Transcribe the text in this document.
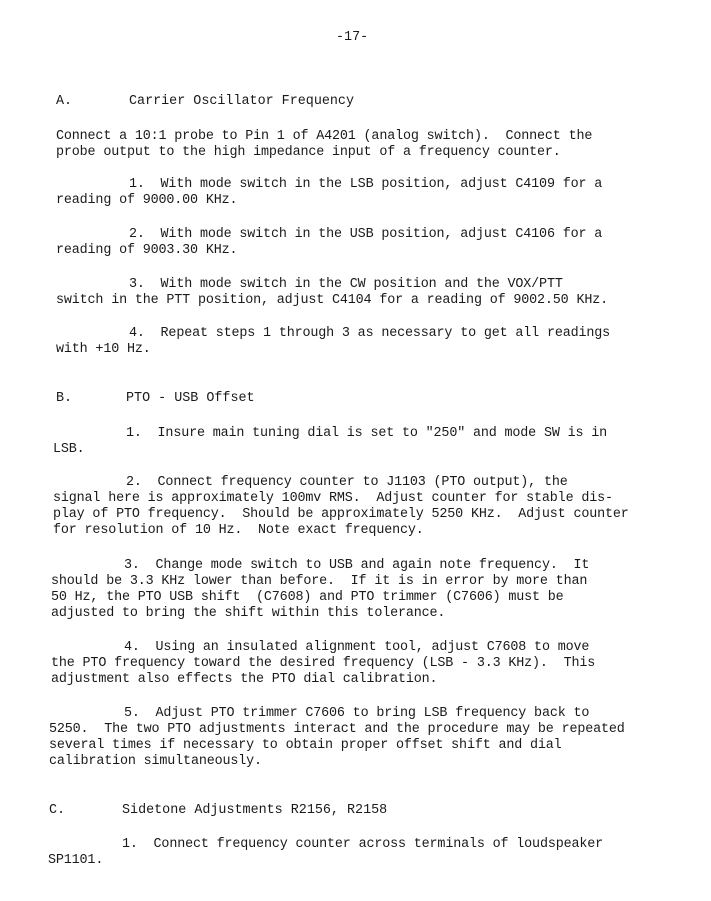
-17-
A.	Carrier Oscillator Frequency
Connect a 10:1 probe to Pin 1 of A4201 (analog switch).  Connect the
probe output to the high impedance input of a frequency counter.
1.  With mode switch in the LSB position, adjust C4109 for a
reading of 9000.00 KHz.
2.  With mode switch in the USB position, adjust C4106 for a
reading of 9003.30 KHz.
3.  With mode switch in the CW position and the VOX/PTT
switch in the PTT position, adjust C4104 for a reading of 9002.50 KHz.
4.  Repeat steps 1 through 3 as necessary to get all readings
with +10 Hz.
B.	PTO - USB Offset
1.  Insure main tuning dial is set to "250" and mode SW is in
LSB.
2.  Connect frequency counter to J1103 (PTO output), the
signal here is approximately 100mv RMS.  Adjust counter for stable dis-
play of PTO frequency.  Should be approximately 5250 KHz.  Adjust counter
for resolution of 10 Hz.  Note exact frequency.
3.  Change mode switch to USB and again note frequency.  It
should be 3.3 KHz lower than before.  If it is in error by more than
50 Hz, the PTO USB shift  (C7608) and PTO trimmer (C7606) must be
adjusted to bring the shift within this tolerance.
4.  Using an insulated alignment tool, adjust C7608 to move
the PTO frequency toward the desired frequency (LSB - 3.3 KHz).  This
adjustment also effects the PTO dial calibration.
5.  Adjust PTO trimmer C7606 to bring LSB frequency back to
5250.  The two PTO adjustments interact and the procedure may be repeated
several times if necessary to obtain proper offset shift and dial
calibration simultaneously.
C.	Sidetone Adjustments R2156, R2158
1.  Connect frequency counter across terminals of loudspeaker
SP1101.
